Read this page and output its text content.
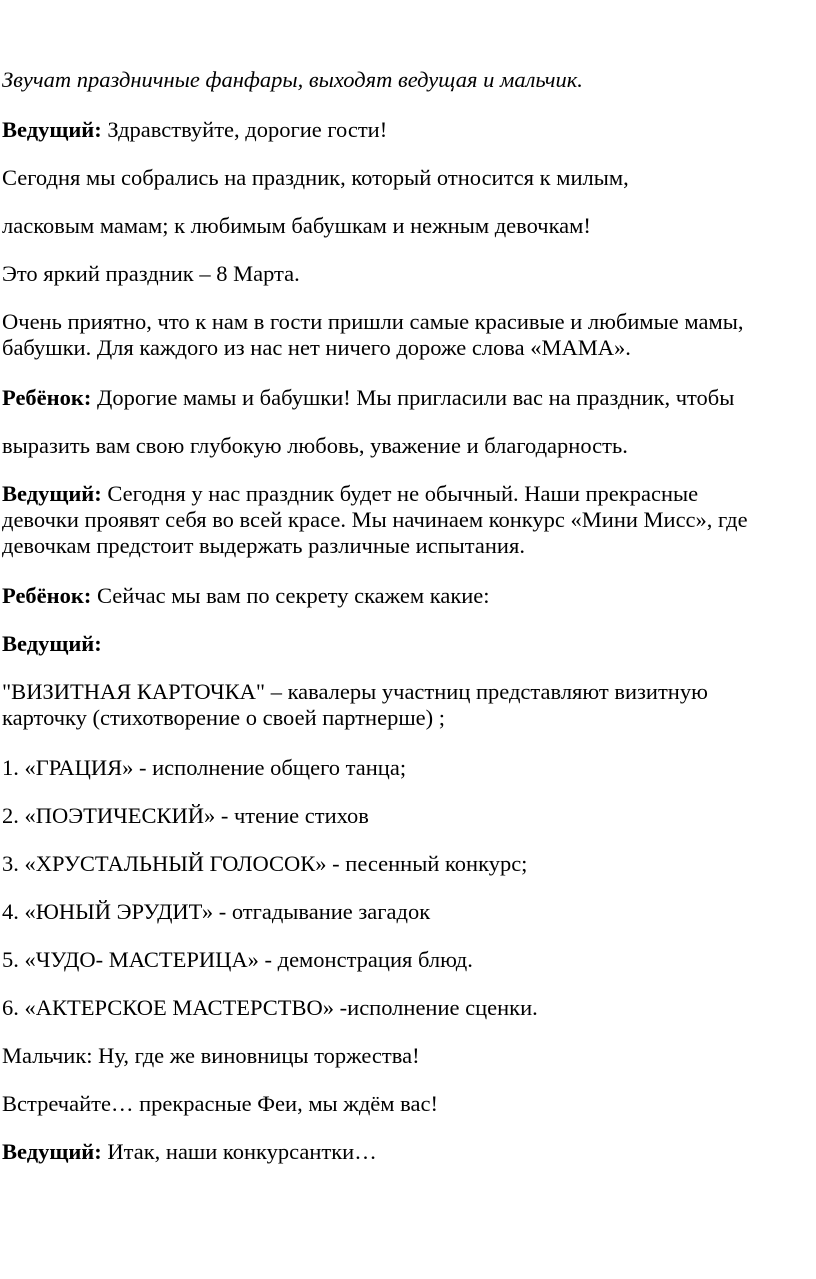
Звучат праздничные фанфары, выходят ведущая и мальчик.
Ведущий: Здравствуйте, дорогие гости!
Сегодня мы собрались на праздник, который относится к милым,
ласковым мамам; к любимым бабушкам и нежным девочкам!
Это яркий праздник – 8 Марта.
Очень приятно, что к нам в гости пришли самые красивые и любимые мамы,
бабушки. Для каждого из нас нет ничего дороже слова «МАМА».
Ребёнок: Дорогие мамы и бабушки! Мы пригласили вас на праздник, чтобы
выразить вам свою глубокую любовь, уважение и благодарность.
Ведущий: Сегодня у нас праздник будет не обычный. Наши прекрасные
девочки проявят себя во всей красе. Мы начинаем конкурс «Мини Мисс», где
девочкам предстоит выдержать различные испытания.
Ребёнок: Сейчас мы вам по секрету скажем какие:
Ведущий:
"ВИЗИТНАЯ КАРТОЧКА" – кавалеры участниц представляют визитную
карточку (стихотворение о своей партнерше) ;
1. «ГРАЦИЯ» - исполнение общего танца;
2. «ПОЭТИЧЕСКИЙ» - чтение стихов
3. «ХРУСТАЛЬНЫЙ ГОЛОСОК» - песенный конкурс;
4. «ЮНЫЙ ЭРУДИТ» - отгадывание загадок
5. «ЧУДО- МАСТЕРИЦА» - демонстрация блюд.
6. «АКТЕРСКОЕ МАСТЕРСТВО» -исполнение сценки.
Мальчик: Ну, где же виновницы торжества!
Встречайте… прекрасные Феи, мы ждём вас!
Ведущий: Итак, наши конкурсантки…
